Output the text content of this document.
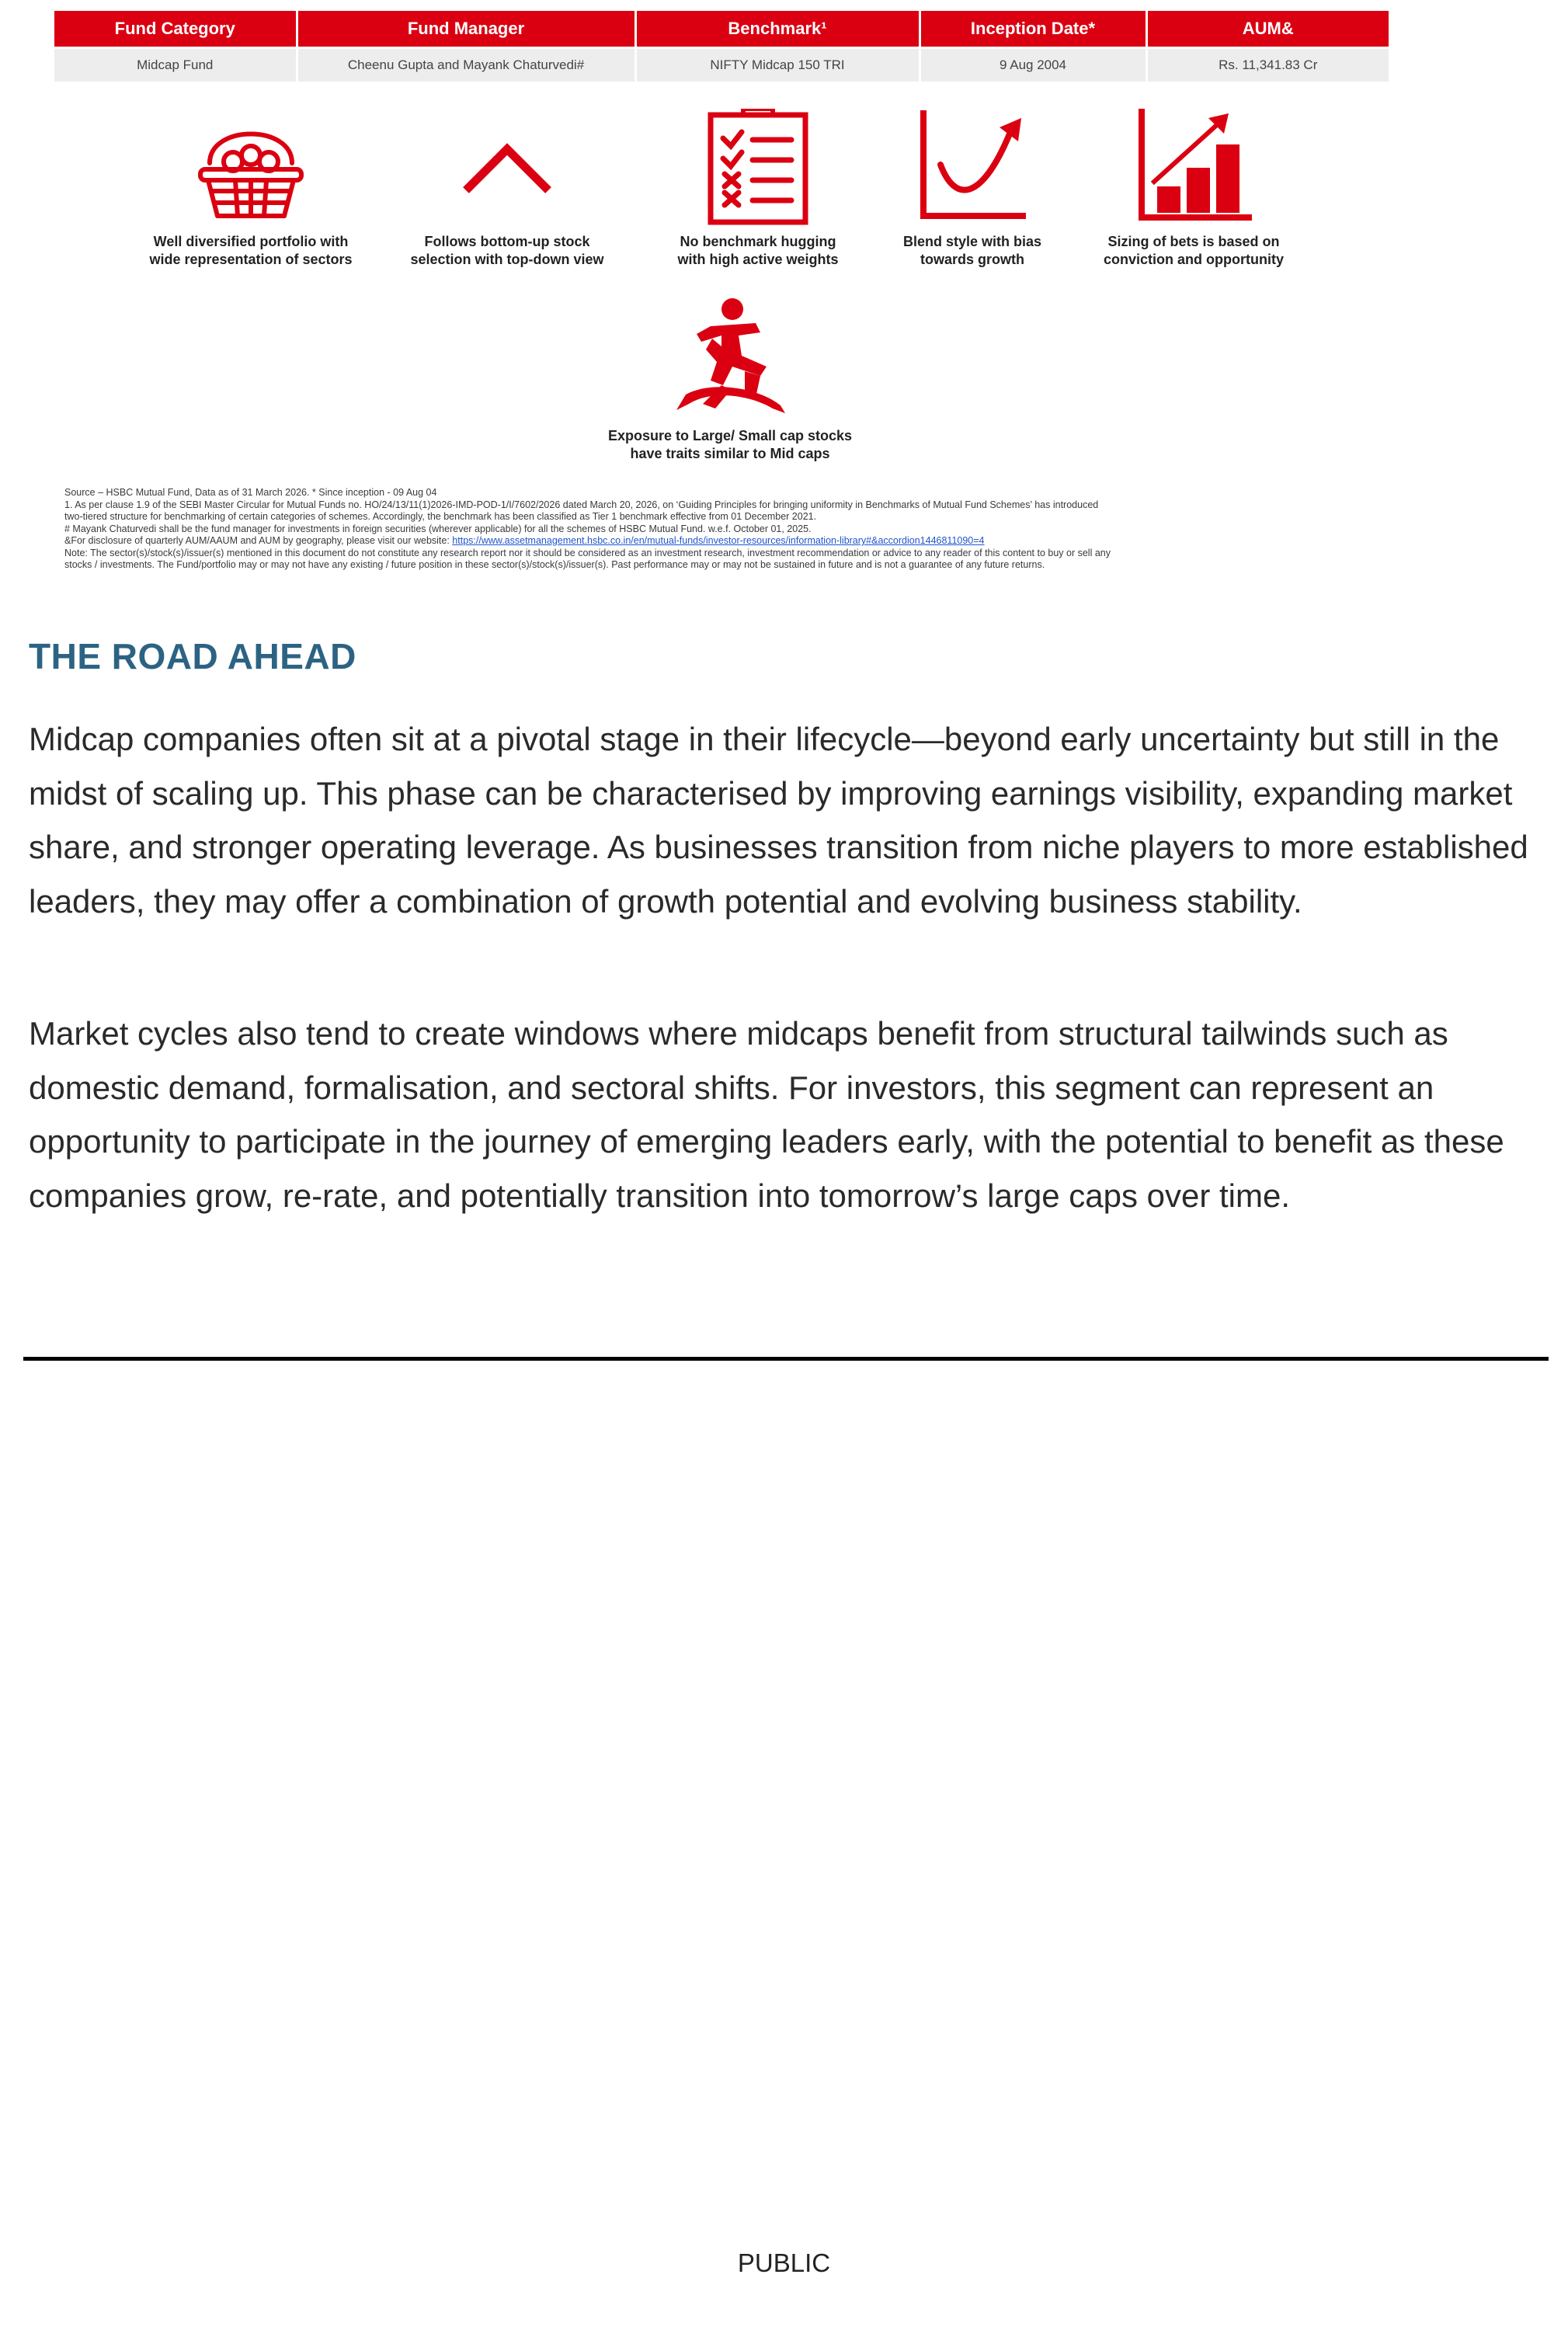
Fund Category	Fund Manager	Benchmark¹	Inception Date*	AUM&
Midcap Fund	Cheenu Gupta and Mayank Chaturvedi#	NIFTY Midcap 150 TRI	9 Aug 2004	Rs. 11,341.83 Cr
Well diversified portfolio with
wide representation of sectors
Follows bottom-up stock
selection with top-down view
No benchmark hugging
with high active weights
Blend style with bias
towards growth
Sizing of bets is based on
conviction and opportunity
Exposure to Large/ Small cap stocks
have traits similar to Mid caps
Source – HSBC Mutual Fund, Data as of 31 March 2026. * Since inception - 09 Aug 04
1. As per clause 1.9 of the SEBI Master Circular for Mutual Funds no. HO/24/13/11(1)2026-IMD-POD-1/I/7602/2026 dated March 20, 2026, on ‘Guiding Principles for bringing uniformity in Benchmarks of Mutual Fund Schemes’ has introduced
two-tiered structure for benchmarking of certain categories of schemes. Accordingly, the benchmark has been classified as Tier 1 benchmark effective from 01 December 2021.
# Mayank Chaturvedi shall be the fund manager for investments in foreign securities (wherever applicable) for all the schemes of HSBC Mutual Fund. w.e.f. October 01, 2025.
&For disclosure of quarterly AUM/AAUM and AUM by geography, please visit our website: https://www.assetmanagement.hsbc.co.in/en/mutual-funds/investor-resources/information-library#&accordion1446811090=4
Note: The sector(s)/stock(s)/issuer(s) mentioned in this document do not constitute any research report nor it should be considered as an investment research, investment recommendation or advice to any reader of this content to buy or sell any
stocks / investments. The Fund/portfolio may or may not have any existing / future position in these sector(s)/stock(s)/issuer(s). Past performance may or may not be sustained in future and is not a guarantee of any future returns.
THE ROAD AHEAD

Midcap companies often sit at a pivotal stage in their lifecycle—beyond early uncertainty but still in the midst of scaling up. This phase can be characterised by improving earnings visibility, expanding market share, and stronger operating leverage. As businesses transition from niche players to more established leaders, they may offer a combination of growth potential and evolving business stability.

Market cycles also tend to create windows where midcaps benefit from structural tailwinds such as domestic demand, formalisation, and sectoral shifts. For investors, this segment can represent an opportunity to participate in the journey of emerging leaders early, with the potential to benefit as these companies grow, re-rate, and potentially transition into tomorrow’s large caps over time.

PUBLIC
